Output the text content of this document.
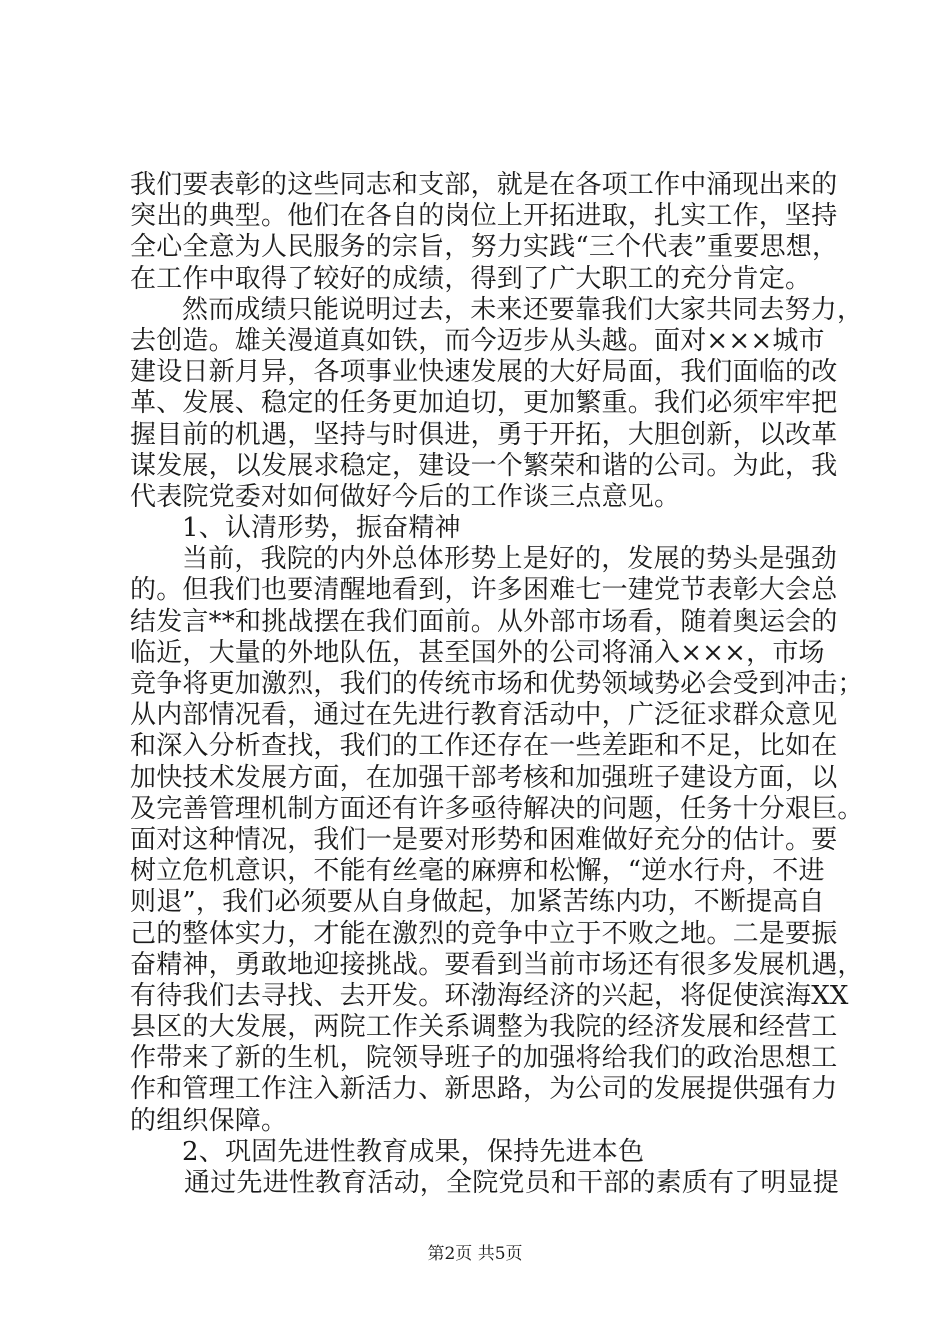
我们要表彰的这些同志和支部，就是在各项工作中涌现出来的
突出的典型。他们在各自的岗位上开拓进取，扎实工作，坚持
全心全意为人民服务的宗旨，努力实践“三个代表”重要思想，
在工作中取得了较好的成绩，得到了广大职工的充分肯定。
然而成绩只能说明过去，未来还要靠我们大家共同去努力，
去创造。雄关漫道真如铁，而今迈步从头越。面对×××城市
建设日新月异，各项事业快速发展的大好局面，我们面临的改
革、发展、稳定的任务更加迫切，更加繁重。我们必须牢牢把
握目前的机遇，坚持与时俱进，勇于开拓，大胆创新，以改革
谋发展，以发展求稳定，建设一个繁荣和谐的公司。为此，我
代表院党委对如何做好今后的工作谈三点意见。
1、认清形势，振奋精神
当前，我院的内外总体形势上是好的，发展的势头是强劲
的。但我们也要清醒地看到，许多困难七一建党节表彰大会总
结发言**和挑战摆在我们面前。从外部市场看，随着奥运会的
临近，大量的外地队伍，甚至国外的公司将涌入×××，市场
竞争将更加激烈，我们的传统市场和优势领域势必会受到冲击；
从内部情况看，通过在先进行教育活动中，广泛征求群众意见
和深入分析查找，我们的工作还存在一些差距和不足，比如在
加快技术发展方面，在加强干部考核和加强班子建设方面，以
及完善管理机制方面还有许多亟待解决的问题，任务十分艰巨。
面对这种情况，我们一是要对形势和困难做好充分的估计。要
树立危机意识，不能有丝毫的麻痹和松懈，“逆水行舟，不进
则退”，我们必须要从自身做起，加紧苦练内功，不断提高自
己的整体实力，才能在激烈的竞争中立于不败之地。二是要振
奋精神，勇敢地迎接挑战。要看到当前市场还有很多发展机遇，
有待我们去寻找、去开发。环渤海经济的兴起，将促使滨海XX
县区的大发展，两院工作关系调整为我院的经济发展和经营工
作带来了新的生机，院领导班子的加强将给我们的政治思想工
作和管理工作注入新活力、新思路，为公司的发展提供强有力
的组织保障。
2、巩固先进性教育成果，保持先进本色
通过先进性教育活动，全院党员和干部的素质有了明显提
第2页 共5页
